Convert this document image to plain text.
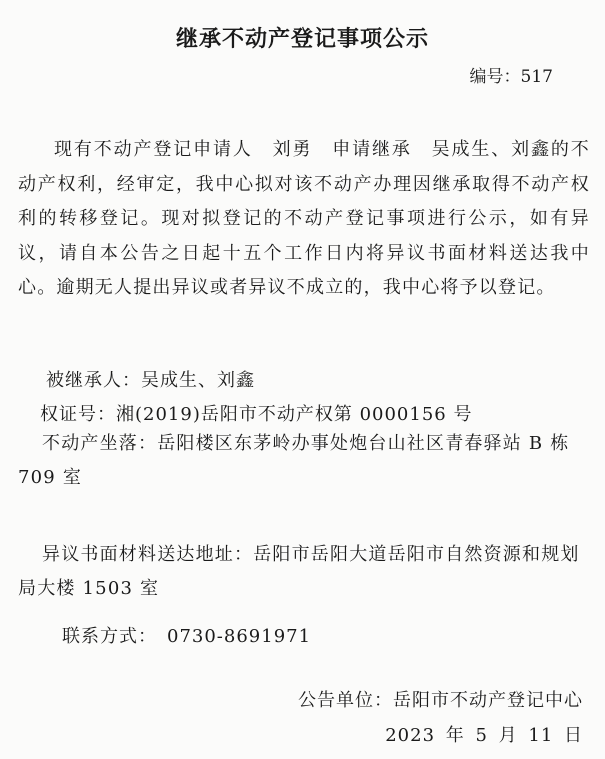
继承不动产登记事项公示
编号：517
现有不动产登记申请人　刘勇　申请继承　吴成生、刘鑫的不动产权利，经审定，我中心拟对该不动产办理因继承取得不动产权利的转移登记。现对拟登记的不动产登记事项进行公示，如有异议，请自本公告之日起十五个工作日内将异议书面材料送达我中心。逾期无人提出异议或者异议不成立的，我中心将予以登记。
被继承人：吴成生、刘鑫
权证号：湘(2019)岳阳市不动产权第 0000156 号
不动产坐落：岳阳楼区东茅岭办事处炮台山社区青春驿站 B 栋 709 室
异议书面材料送达地址：岳阳市岳阳大道岳阳市自然资源和规划局大楼 1503 室
联系方式：　0730-8691971
公告单位：岳阳市不动产登记中心
2023 年 5 月 11 日
